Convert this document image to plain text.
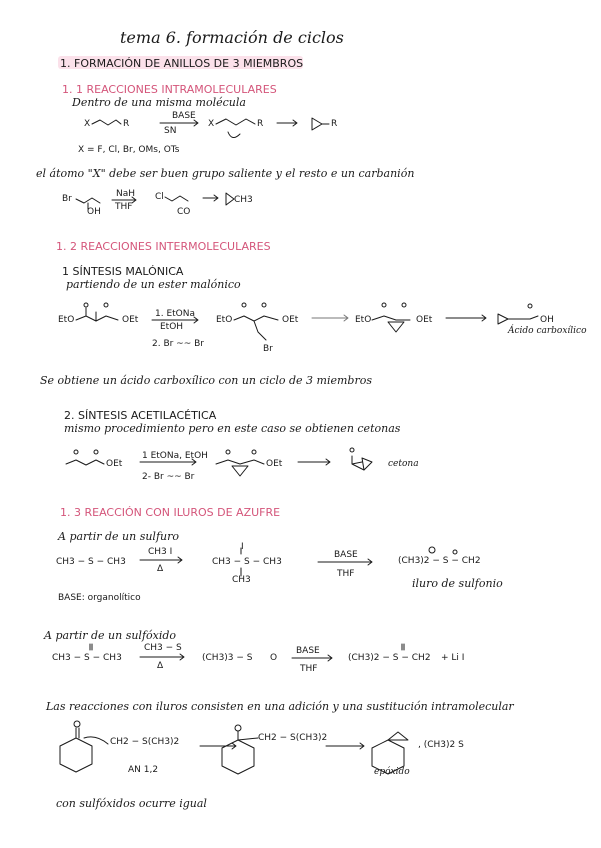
tema 6. formación de ciclos
1. FORMACIÓN DE ANILLOS DE 3 MIEMBROS
1. 1 REACCIONES INTRAMOLECULARES
Dentro de una misma molécula
X	R
BASE
SN
X	R	R
X = F, Cl, Br, OMs, OTs
el átomo "X" debe ser buen grupo saliente y el resto e un carbanión
Br
OH
NaH
THF
Cl
CO
CH3
1. 2 REACCIONES INTERMOLECULARES
1 SÍNTESIS MALÓNICA
partiendo de un ester malónico
EtO	OEt
1. EtONa
EtOH
2. Br ~~ Br
EtO	OEt
Br
EtO	OEt	OH
Ácido carboxílico
Se obtiene un ácido carboxílico con un ciclo de 3 miembros
2. SÍNTESIS ACETILACÉTICA
mismo procedimiento pero en este caso se obtienen cetonas
OEt
1 EtONa, EtOH
2- Br ~~ Br
OEt	cetona
1. 3 REACCIÓN CON ILUROS DE AZUFRE
A partir de un sulfuro
CH3 − S − CH3
CH3 I
Δ
I
CH3 − S − CH3
CH3
BASE
THF
(CH3)2 − S − CH2
iluro de sulfonio
BASE: organolítico
A partir de un sulfóxido
CH3 − S − CH3
CH3 − S
Δ
(CH3)3 − S O
BASE
THF
(CH3)2 − S − CH2 + Li I
Las reacciones con iluros consisten en una adición y una sustitución intramolecular
CH2 − S(CH3)2
AN 1,2
CH2 − S(CH3)2
, (CH3)2 S
epóxido
con sulfóxidos ocurre igual
